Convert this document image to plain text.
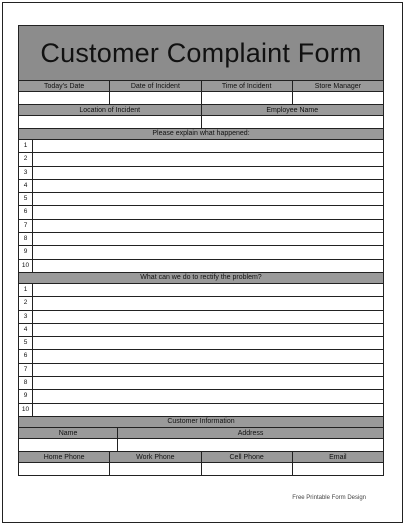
Customer Complaint Form
Today's Date	Date of Incident	Time of Incident	Store Manager
Location of Incident	Employee Name
Please explain what happened:
1
2
3
4
5
6
7
8
9
10
What can we do to rectify the problem?
1
2
3
4
5
6
7
8
9
10
Customer Information
Name	Address
Home Phone	Work Phone	Cell Phone	Email
Free Printable Form Design
